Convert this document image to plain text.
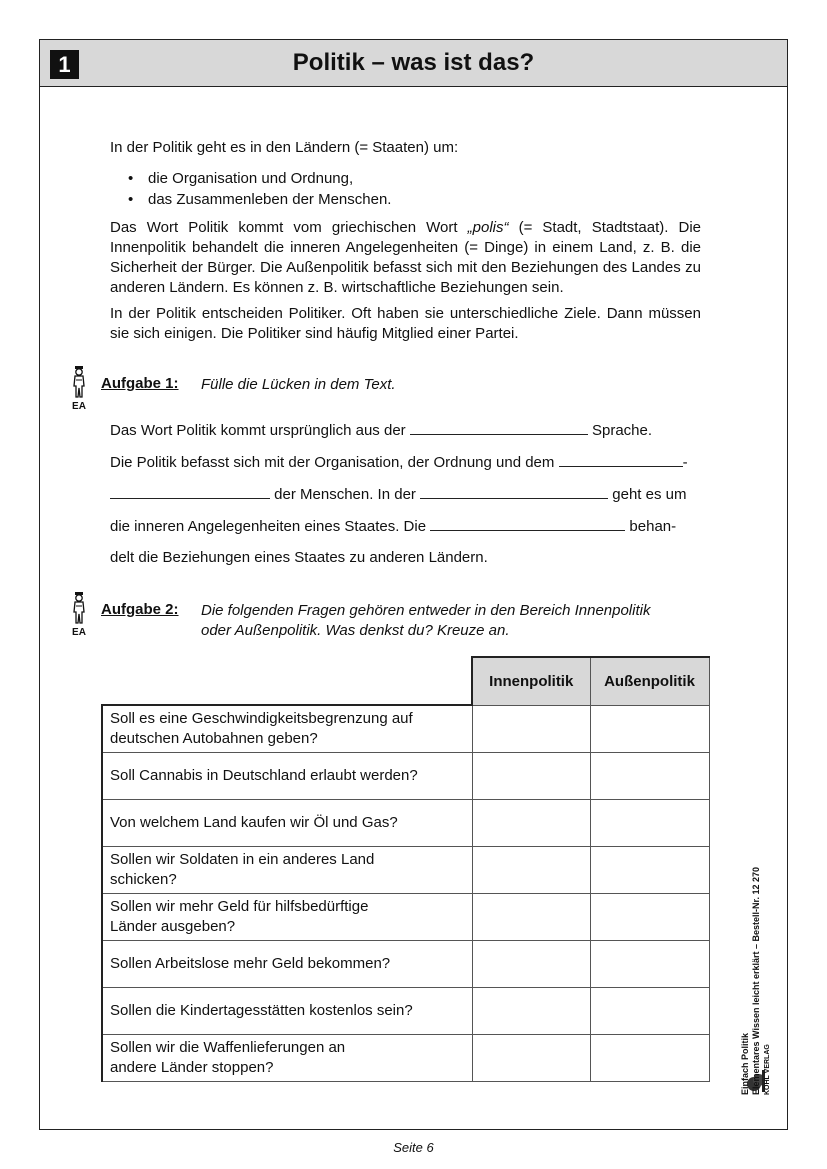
1	Politik – was ist das?

In der Politik geht es in den Ländern (= Staaten) um:

• die Organisation und Ordnung,
• das Zusammenleben der Menschen.

Das Wort Politik kommt vom griechischen Wort „polis“ (= Stadt, Stadtstaat). Die Innenpolitik behandelt die inneren Angelegenheiten (= Dinge) in einem Land, z. B. die Sicherheit der Bürger. Die Außenpolitik befasst sich mit den Beziehungen des Landes zu anderen Ländern. Es können z. B. wirtschaftliche Beziehungen sein.

In der Politik entscheiden Politiker. Oft haben sie unterschiedliche Ziele. Dann müssen sie sich einigen. Die Politiker sind häufig Mitglied einer Partei.

EA
Aufgabe 1: Fülle die Lücken in dem Text.
Das Wort Politik kommt ursprünglich aus der	Sprache.
Die Politik befasst sich mit der Organisation, der Ordnung und dem	-
der Menschen. In der	geht es um
die inneren Angelegenheiten eines Staates. Die	behan-
delt die Beziehungen eines Staates zu anderen Ländern.
EA
Aufgabe 2: Die folgenden Fragen gehören entweder in den Bereich Innenpolitik
oder Außenpolitik. Was denkst du? Kreuze an.
	Innenpolitik	Außenpolitik
Soll es eine Geschwindigkeitsbegrenzung auf
deutschen Autobahnen geben?		
Soll Cannabis in Deutschland erlaubt werden?		
Von welchem Land kaufen wir Öl und Gas?		
Sollen wir Soldaten in ein anderes Land
schicken?		
Sollen wir mehr Geld für hilfsbedürftige
Länder ausgeben?		
Sollen Arbeitslose mehr Geld bekommen?		
Sollen die Kindertagesstätten kostenlos sein?		
Sollen wir die Waffenlieferungen an
andere Länder stoppen?			Einfach Politik Elementares Wissen leicht erklärt – Bestell-Nr. 12 270 KOHL VERLAG
Seite 6
